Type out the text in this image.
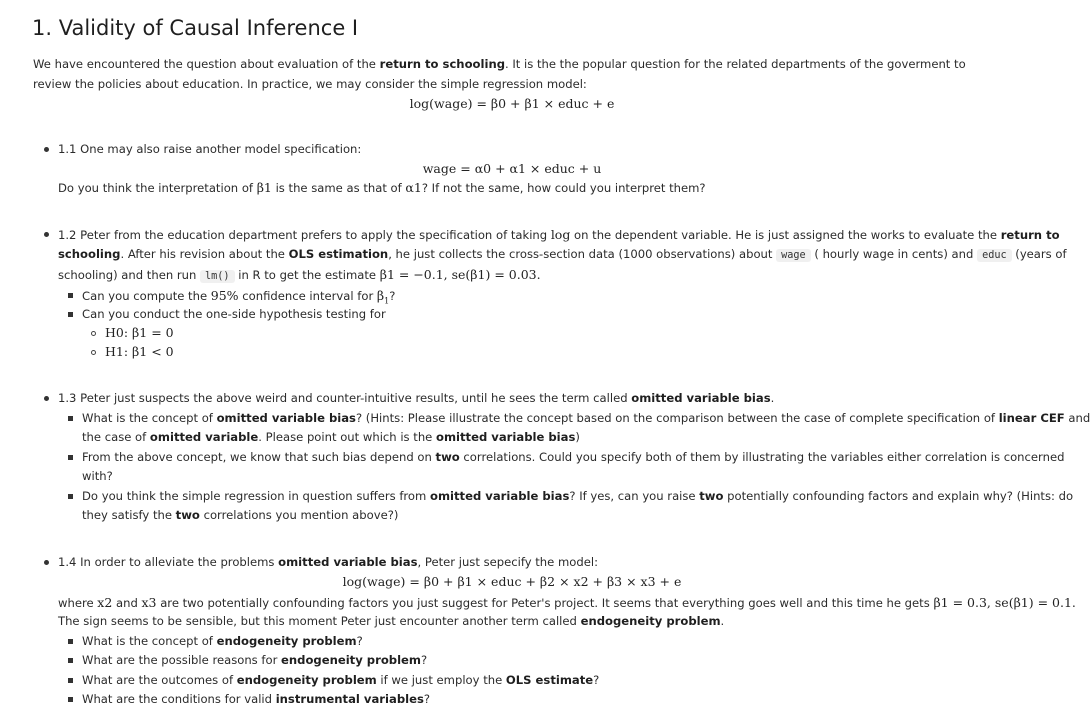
1. Validity of Causal Inference I
We have encountered the question about evaluation of the return to schooling. It is the the popular question for the related departments of the goverment to review the policies about education. In practice, we may consider the simple regression model:
log(wage) = β0 + β1 × educ + e
1.1 One may also raise another model specification:
wage = α0 + α1 × educ + u
Do you think the interpretation of β1 is the same as that of α1? If not the same, how could you interpret them?
1.2 Peter from the education department prefers to apply the specification of taking log on the dependent variable. He is just assigned the works to evaluate the return to
schooling. After his revision about the OLS estimation, he just collects the cross-section data (1000 observations) about wage ( hourly wage in cents) and educ (years of
schooling) and then run lm() in R to get the estimate β1 = −0.1, se(β1) = 0.03.
Can you compute the 95% confidence interval for $\beta_1$?
Can you conduct the one-side hypothesis testing for
H0: β1 = 0
H1: β1 < 0
1.3 Peter just suspects the above weird and counter-intuitive results, until he sees the term called omitted variable bias.
What is the concept of omitted variable bias? (Hints: Please illustrate the concept based on the comparison between the case of complete specification of linear CEF and
the case of omitted variable. Please point out which is the omitted variable bias)
From the above concept, we know that such bias depend on two correlations. Could you specify both of them by illustrating the variables either correlation is concerned
with?
Do you think the simple regression in question suffers from omitted variable bias? If yes, can you raise two potentially confounding factors and explain why? (Hints: do
they satisfy the two correlations you mention above?)
1.4 In order to alleviate the problems omitted variable bias, Peter just sepecify the model:
log(wage) = β0 + β1 × educ + β2 × x2 + β3 × x3 + e
where x2 and x3 are two potentially confounding factors you just suggest for Peter's project. It seems that everything goes well and this time he gets β1 = 0.3, se(β1) = 0.1.
The sign seems to be sensible, but this moment Peter just encounter another term called endogeneity problem.
What is the concept of endogeneity problem?
What are the possible reasons for endogeneity problem?
What are the outcomes of endogeneity problem if we just employ the OLS estimate?
What are the conditions for valid instrumental variables?
